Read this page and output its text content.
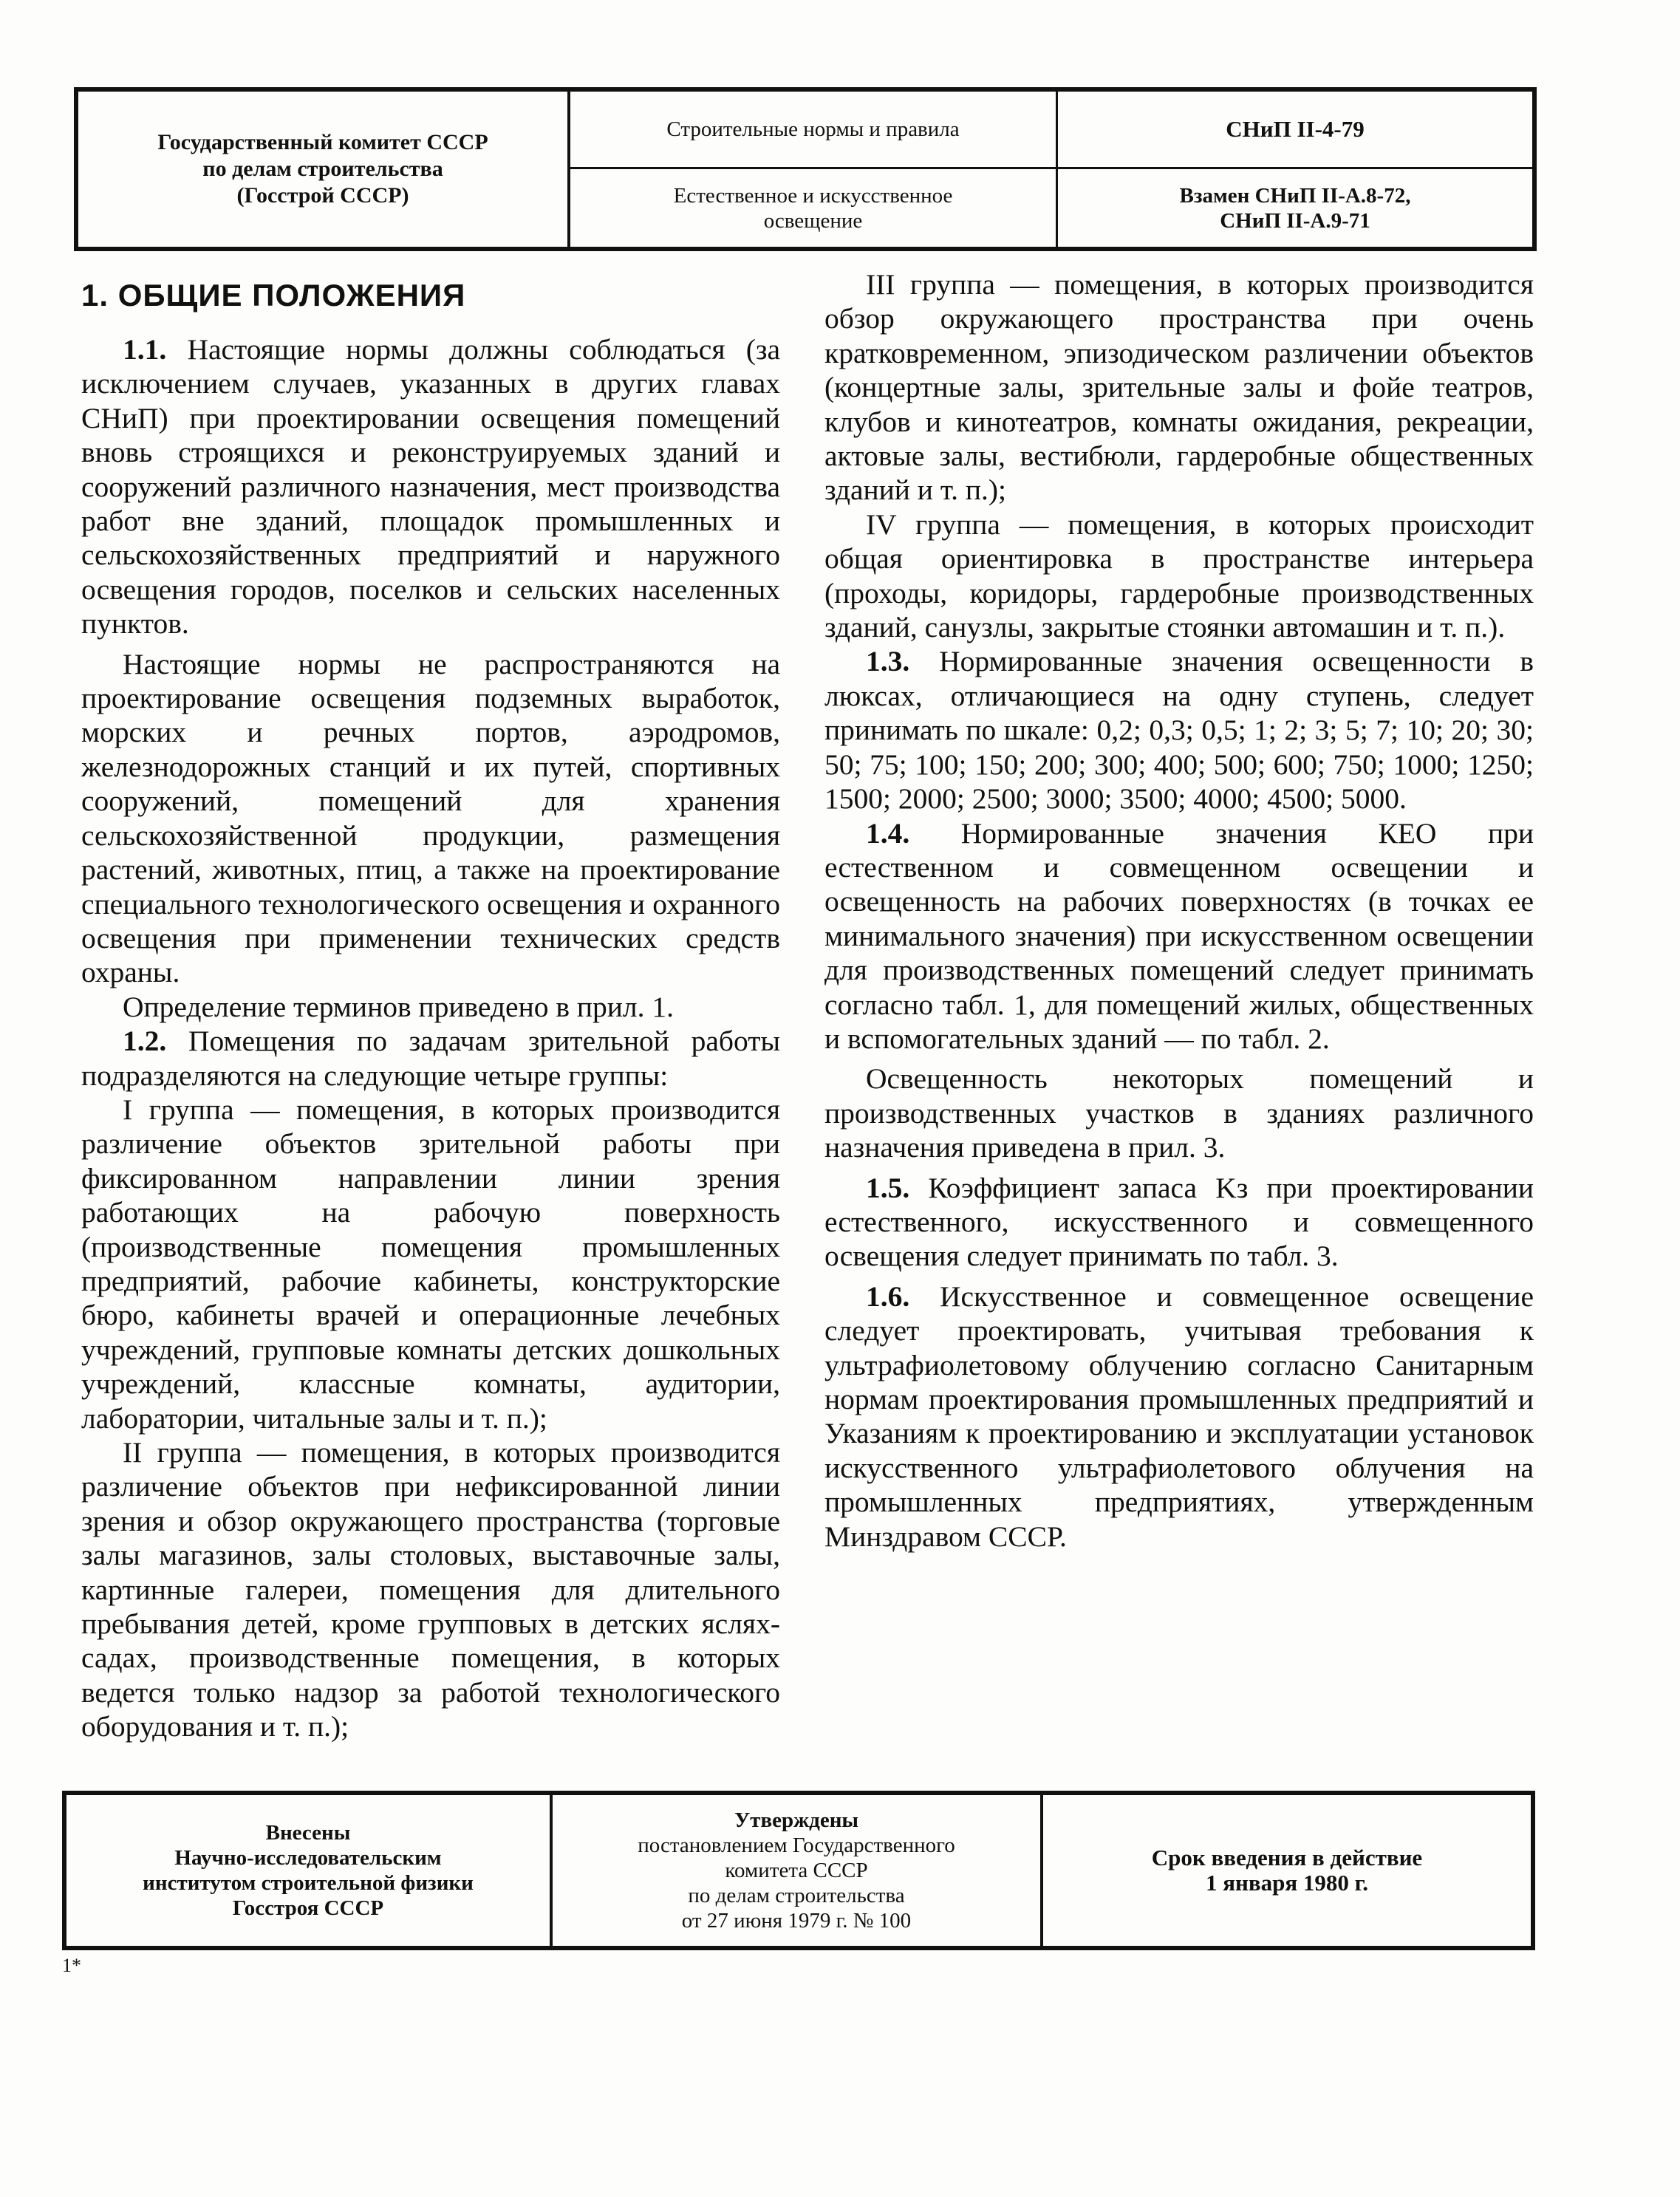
Государственный комитет СССР
по делам строительства
(Госстрой СССР)
Строительные нормы и правила	СНиП II-4-79
Естественное и искусственное
освещение
Взамен СНиП II-А.8-72,
СНиП II-А.9-71

1. ОБЩИЕ ПОЛОЖЕНИЯ

1.1. Настоящие нормы должны соблюдаться (за исключением случаев, указанных в других главах СНиП) при проектировании освещения помещений вновь строящихся и реконструируемых зданий и сооружений различного назначения, мест производства работ вне зданий, площадок промышленных и сельскохозяйственных предприятий и наружного освещения городов, поселков и сельских населенных пунктов.

Настоящие нормы не распространяются на проектирование освещения подземных выработок, морских и речных портов, аэродромов, железнодорожных станций и их путей, спортивных сооружений, помещений для хранения сельскохозяйственной продукции, размещения растений, животных, птиц, а также на проектирование специального технологического освещения и охранного освещения при применении технических средств охраны.

Определение терминов приведено в прил. 1.

1.2. Помещения по задачам зрительной работы подразделяются на следующие четыре группы:

I группа — помещения, в которых производится различение объектов зрительной работы при фиксированном направлении линии зрения работающих на рабочую поверхность (производственные помещения промышленных предприятий, рабочие кабинеты, конструкторские бюро, кабинеты врачей и операционные лечебных учреждений, групповые комнаты детских дошкольных учреждений, классные комнаты, аудитории, лаборатории, читальные залы и т. п.);

II группа — помещения, в которых производится различение объектов при нефиксированной линии зрения и обзор окружающего пространства (торговые залы магазинов, залы столовых, выставочные залы, картинные галереи, помещения для длительного пребывания детей, кроме групповых в детских яслях-садах, производственные помещения, в которых ведется только надзор за работой технологического оборудования и т. п.);

III группа — помещения, в которых производится обзор окружающего пространства при очень кратковременном, эпизодическом различении объектов (концертные залы, зрительные залы и фойе театров, клубов и кинотеатров, комнаты ожидания, рекреации, актовые залы, вестибюли, гардеробные общественных зданий и т. п.);

IV группа — помещения, в которых происходит общая ориентировка в пространстве интерьера (проходы, коридоры, гардеробные производственных зданий, санузлы, закрытые стоянки автомашин и т. п.).

1.3. Нормированные значения освещенности в люксах, отличающиеся на одну ступень, следует принимать по шкале: 0,2; 0,3; 0,5; 1; 2; 3; 5; 7; 10; 20; 30; 50; 75; 100; 150; 200; 300; 400; 500; 600; 750; 1000; 1250; 1500; 2000; 2500; 3000; 3500; 4000; 4500; 5000.

1.4. Нормированные значения КЕО при естественном и совмещенном освещении и освещенность на рабочих поверхностях (в точках ее минимального значения) при искусственном освещении для производственных помещений следует принимать согласно табл. 1, для помещений жилых, общественных и вспомогательных зданий — по табл. 2.

Освещенность некоторых помещений и производственных участков в зданиях различного назначения приведена в прил. 3.

1.5. Коэффициент запаса Kз при проектировании естественного, искусственного и совмещенного освещения следует принимать по табл. 3.

1.6. Искусственное и совмещенное освещение следует проектировать, учитывая требования к ультрафиолетовому облучению согласно Санитарным нормам проектирования промышленных предприятий и Указаниям к проектированию и эксплуатации установок искусственного ультрафиолетового облучения на промышленных предприятиях, утвержденным Минздравом СССР.

Внесены
Научно-исследовательским
институтом строительной физики
Госстроя СССР
Утверждены
постановлением Государственного
комитета СССР
по делам строительства
от 27 июня 1979 г. № 100
Срок введения в действие
1 января 1980 г.
1*
